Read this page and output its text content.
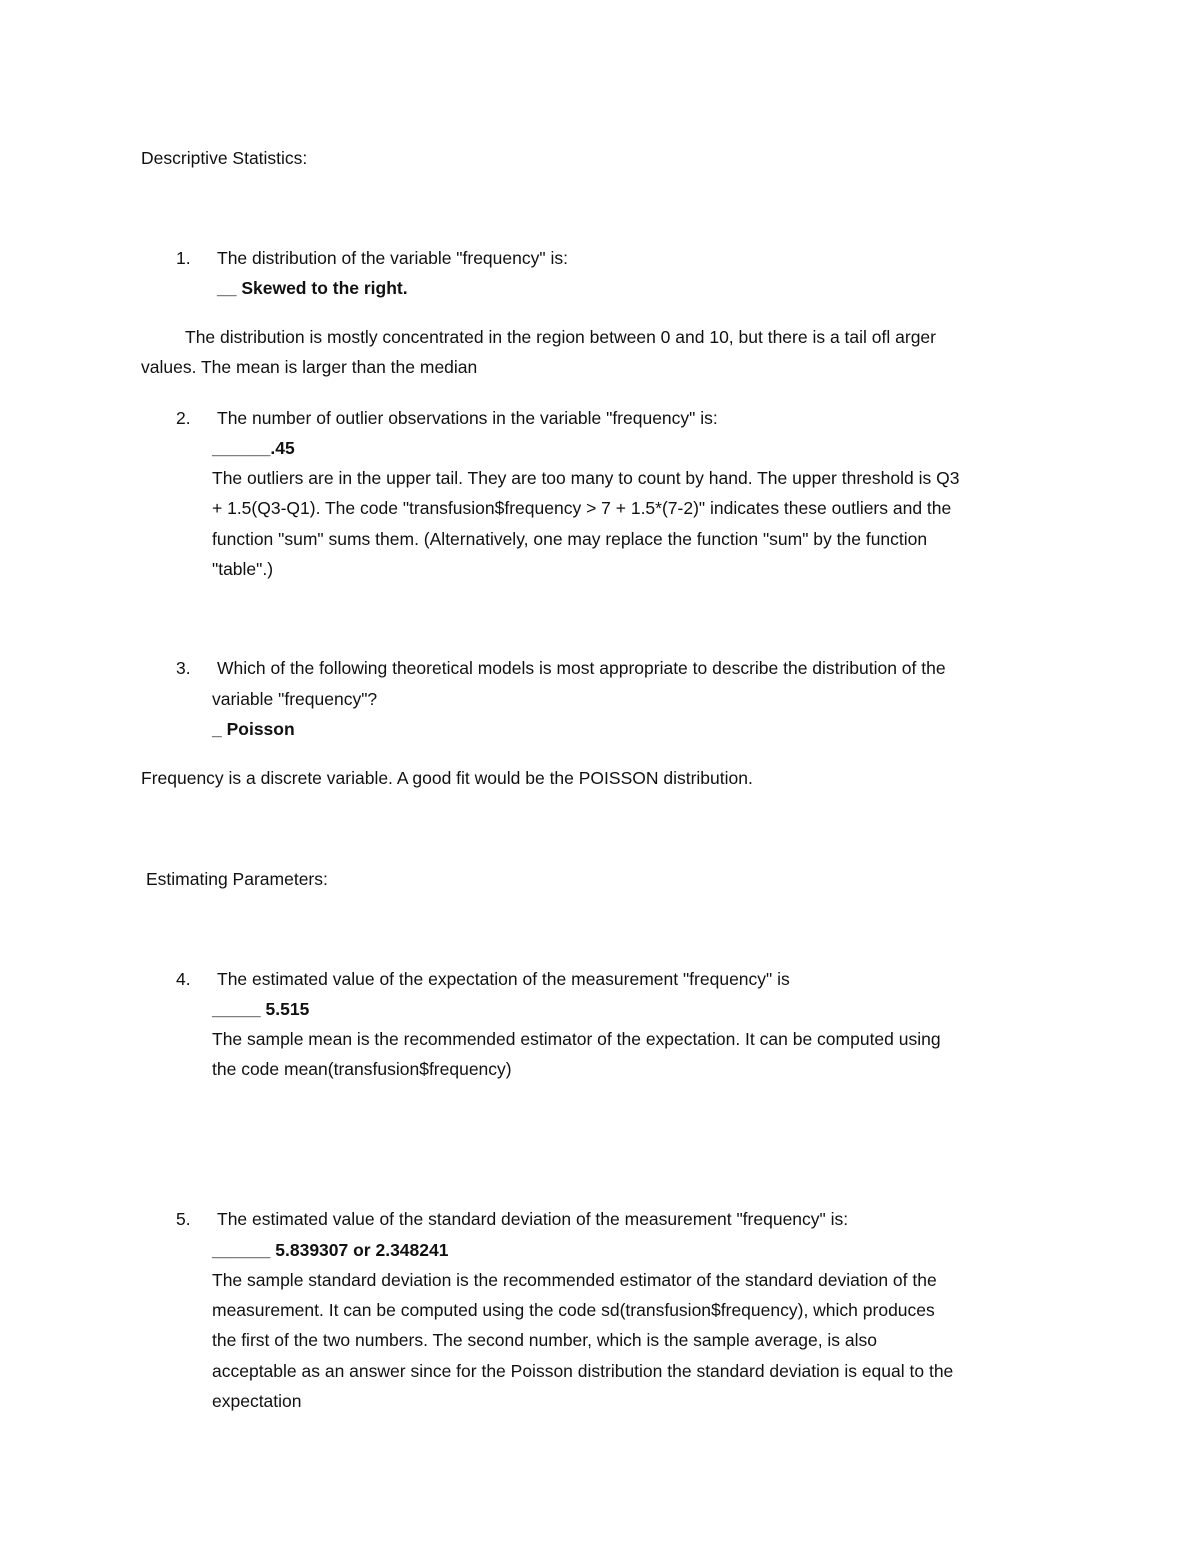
Descriptive Statistics:
1. The distribution of the variable "frequency" is:
__ Skewed to the right.
The distribution is mostly concentrated in the region between 0 and 10, but there is a tail ofl arger
values. The mean is larger than the median
2. The number of outlier observations in the variable "frequency" is:
______.45
The outliers are in the upper tail. They are too many to count by hand. The upper threshold is Q3
+ 1.5(Q3-Q1). The code "transfusion$frequency > 7 + 1.5*(7-2)" indicates these outliers and the
function "sum" sums them. (Alternatively, one may replace the function "sum" by the function
"table".)
3. Which of the following theoretical models is most appropriate to describe the distribution of the
variable "frequency"?
_ Poisson
Frequency is a discrete variable. A good fit would be the POISSON distribution.
Estimating Parameters:
4. The estimated value of the expectation of the measurement "frequency" is
_____ 5.515
The sample mean is the recommended estimator of the expectation. It can be computed using
the code mean(transfusion$frequency)
5. The estimated value of the standard deviation of the measurement "frequency" is:
______ 5.839307 or 2.348241
The sample standard deviation is the recommended estimator of the standard deviation of the
measurement. It can be computed using the code sd(transfusion$frequency), which produces
the first of the two numbers. The second number, which is the sample average, is also
acceptable as an answer since for the Poisson distribution the standard deviation is equal to the
expectation
